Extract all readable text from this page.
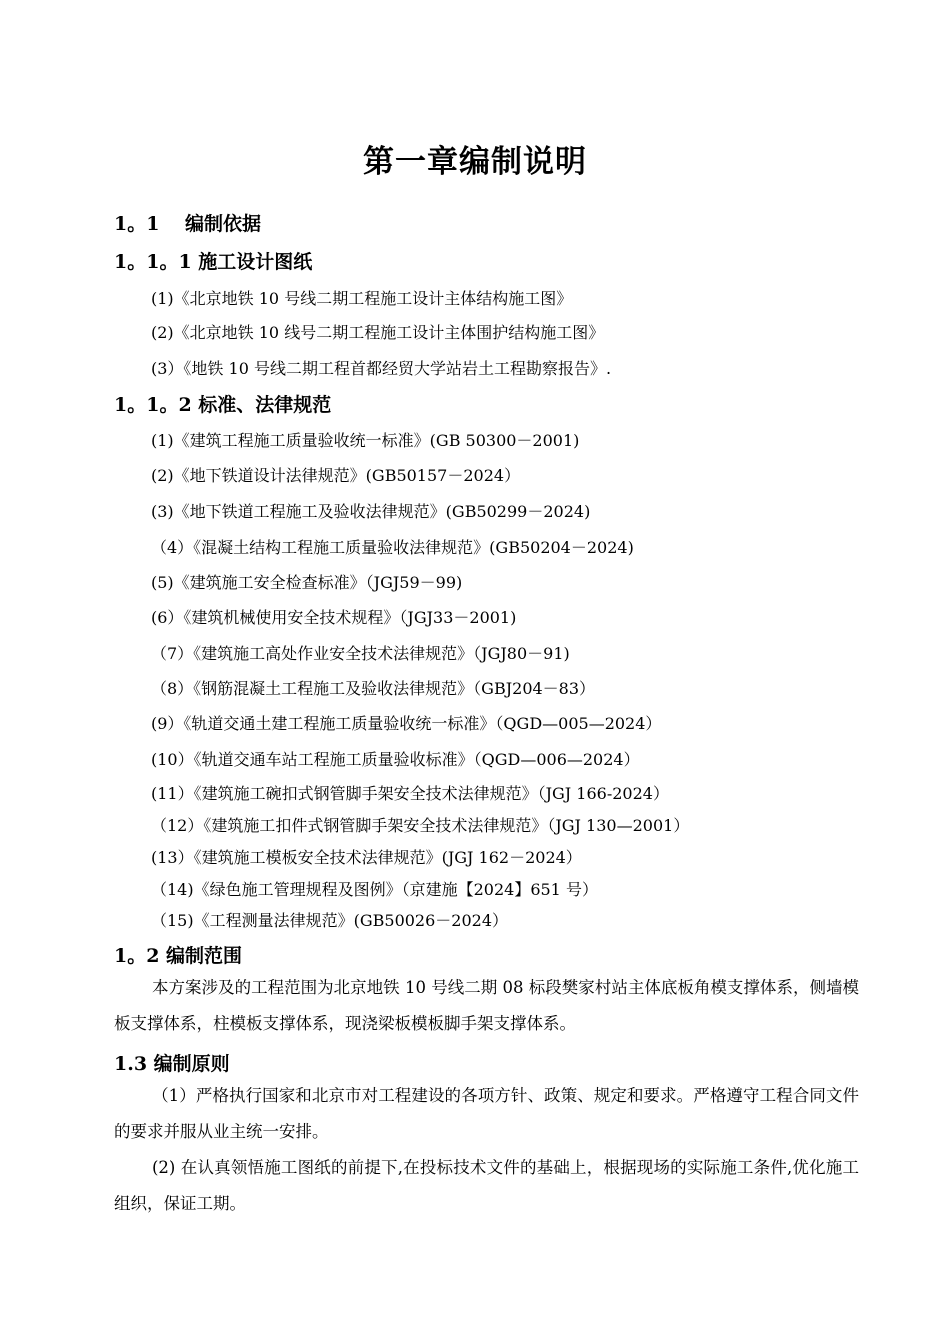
第一章编制说明
1。1　 编制依据
1。1。1 施工设计图纸
(1)《北京地铁 10 号线二期工程施工设计主体结构施工图》
(2)《北京地铁 10 线号二期工程施工设计主体围护结构施工图》
(3）《地铁 10 号线二期工程首都经贸大学站岩土工程勘察报告》.
1。1。2 标准、法律规范
(1)《建筑工程施工质量验收统一标准》(GB 50300－2001)
(2)《地下铁道设计法律规范》(GB50157－2024）
(3)《地下铁道工程施工及验收法律规范》(GB50299－2024)
（4）《混凝土结构工程施工质量验收法律规范》(GB50204－2024)
(5)《建筑施工安全检查标准》（JGJ59－99)
(6）《建筑机械使用安全技术规程》（JGJ33－2001)
（7）《建筑施工高处作业安全技术法律规范》（JGJ80－91)
（8）《钢筋混凝土工程施工及验收法律规范》（GBJ204－83）
(9）《轨道交通土建工程施工质量验收统一标准》（QGD—005—2024）
(10）《轨道交通车站工程施工质量验收标准》（QGD—006—2024）
(11）《建筑施工碗扣式钢管脚手架安全技术法律规范》（JGJ 166-2024）
（12）《建筑施工扣件式钢管脚手架安全技术法律规范》（JGJ 130—2001）
(13）《建筑施工模板安全技术法律规范》(JGJ 162－2024）
（14)《绿色施工管理规程及图例》（京建施【2024】651 号）
（15)《工程测量法律规范》(GB50026－2024）
1。2 编制范围
本方案涉及的工程范围为北京地铁 10 号线二期 08 标段樊家村站主体底板角模支撑体系，侧墙模板支撑体系，柱模板支撑体系，现浇梁板模板脚手架支撑体系。
1.3 编制原则
（1）严格执行国家和北京市对工程建设的各项方针、政策、规定和要求。严格遵守工程合同文件的要求并服从业主统一安排。
(2) 在认真领悟施工图纸的前提下,在投标技术文件的基础上，根据现场的实际施工条件,优化施工组织，保证工期。
